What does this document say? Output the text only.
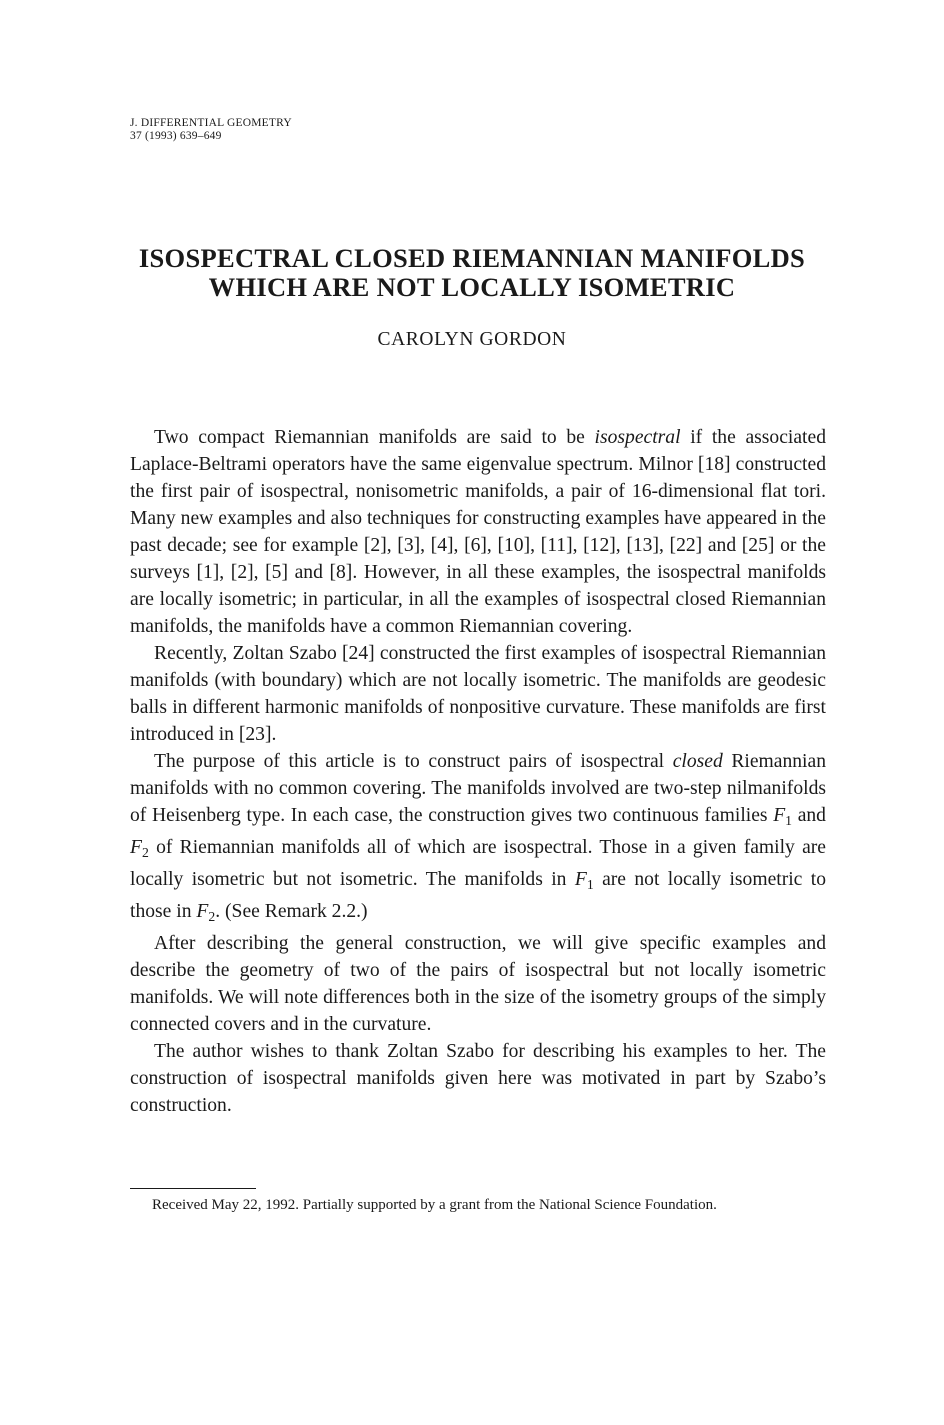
J. DIFFERENTIAL GEOMETRY
37 (1993) 639–649
ISOSPECTRAL CLOSED RIEMANNIAN MANIFOLDS
WHICH ARE NOT LOCALLY ISOMETRIC
CAROLYN GORDON

Two compact Riemannian manifolds are said to be isospectral if the associated Laplace-Beltrami operators have the same eigenvalue spectrum. Milnor [18] constructed the first pair of isospectral, nonisometric manifolds, a pair of 16-dimensional flat tori. Many new examples and also techniques for constructing examples have appeared in the past decade; see for example [2], [3], [4], [6], [10], [11], [12], [13], [22] and [25] or the surveys [1], [2], [5] and [8]. However, in all these examples, the isospectral manifolds are locally isometric; in particular, in all the examples of isospectral closed Riemannian manifolds, the manifolds have a common Riemannian covering.

Recently, Zoltan Szabo [24] constructed the first examples of isospectral Riemannian manifolds (with boundary) which are not locally isometric. The manifolds are geodesic balls in different harmonic manifolds of nonpositive curvature. These manifolds are first introduced in [23].

The purpose of this article is to construct pairs of isospectral closed Riemannian manifolds with no common covering. The manifolds involved are two-step nilmanifolds of Heisenberg type. In each case, the construction gives two continuous families $F_1$ and $F_2$ of Riemannian manifolds all of which are isospectral. Those in a given family are locally isometric but not isometric. The manifolds in $F_1$ are not locally isometric to those in $F_2$. (See Remark 2.2.)

After describing the general construction, we will give specific examples and describe the geometry of two of the pairs of isospectral but not locally isometric manifolds. We will note differences both in the size of the isometry groups of the simply connected covers and in the curvature.

The author wishes to thank Zoltan Szabo for describing his examples to her. The construction of isospectral manifolds given here was motivated in part by Szabo’s construction.

Received May 22, 1992. Partially supported by a grant from the National Science Foundation.
